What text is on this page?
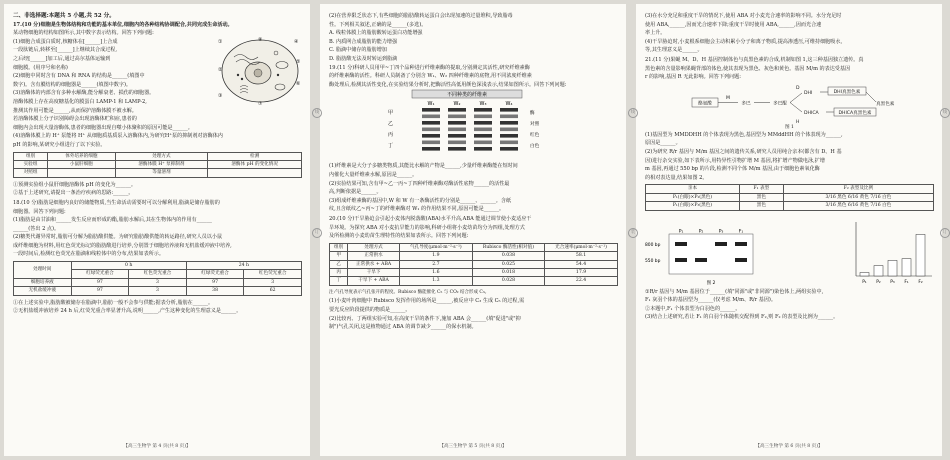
二、非选择题:本题共 5 小题,共 52 分。

17.(10 分)细胞是生物体结构和功能的基本单位,细胞内的各种结构协调配合,共同完成生命活动。

某动物细胞的结构如图所示,其中数字表示结构。回答下列问题:

(1)细胞合成蛋白质时,核糖体在[______]上合成

一段肽链后,转移至[______]上继续其合成过程,

之后经[______]加工后,通过高尔基体运输到

细胞膜。(用序号和名称)

(2)细胞中同时含有 DNA 和 RNA 的结构是______(填图中

数字)。含有膜结构的细胞器是______(填图中数字)。

(3)溶酶体的内部含有多种水解酶,能分解衰老、损伤的细胞器。

溶酶体膜上存在高度糖基化的膜蛋白 LAMP-1 和 LAMP-2,

推测其作用可能是______,从而保护溶酶体膜不被水解。

若溶酶体膜上分子识别障碍会出现溶酶体贮积症,患者的

细胞内会出现大量溶酶体,患者的细胞器出现自噬小体聚积的原因可能是______。

(4)溶酶体膜上的 H⁺ 泵能将 H⁺ 从细胞质基质泵入溶酶体内,为研究H⁺泵的抑制剂对溶酶体内

pH 的影响,某研究小组进行了以下实验。

①
②
③
④
⑤
⑥
⑦
⑧
组别	体外培养的细胞	处理方式	检测
实验组	小鼠肝细胞	溶酶体膜 H⁺ 泵抑制剂	溶酶体 pH 的变化情况
对照组		等量溶剂	

①预测实验组小鼠肝细胞溶酶体 pH 的变化为______。

②基于上述研究,请提出一条治疗疾病的思路:______。

18.(10 分)脂肪是细胞内良好的储能物质,当生命活动需要时可以分解利用,脂滴是储存脂肪的

细胞器。回答下列问题:

(1)脂肪是由甘油和______发生反应而形成的酯,脂肪水解后,其在生物体内的作用有______

______(答出 2 点)。

(2)糖类代谢异常时,脂肪可分解为脂肪酸供能。为研究脂肪酸供能的转运路径,研究人员以小鼠

成纤维细胞为材料,用红色荧光标记的脂肪酸进行培养,分别置于细胞培养液和无机盐缓冲液中培养,

一段时间后,检测红色荧光在脂滴和线粒体中的分布,结果如表所示。

处理时间	0 h		24 h	
	红绿荧光重合	红色荧光重合	红绿荧光重合	红色荧光重合
细胞培养液	97	3	97	3
无机盐缓冲液	97	3	38	62

①在上述实验中,脂肪酸被储存在脂滴中,脂肪一般不会参与供能;据表分析,脂肪在______。

②无机盐缓冲液培养 24 h 后,红荧光重合率显著升高,说明______,产生这种变化的生理意义是______。

【高三生物学 第 4 页(共 8 页)】

(2)在营养限乏状态下,有些细胞的脂肪酸转运蛋白会出现加速的过量堆积,导致脂毒

性。下列相关叙述,正确的是______(多选)。

A. 线粒体膜上的脂肪酸转运蛋白功能增强

B. 内质网合成脂肪的能力增强

C. 脂滴中储存的脂肪增加

D. 脂肪酸无法及时转运到脂滴

19.(11 分)科研人员用甲~丁四个品种进行纤维素酶的提取,分别测定其活性,研究纤维素酶

的纤维素酶的活性。科研人员制备了分别含 W₁、W₂ 四种纤维素的底物,用不同浓度纤维素

酶处理后,检测其活性变化,在实验结果分析时,把酶活性高低用颜色深浅表示,结果如图所示。回答下列问题:

不同种类的纤维素
W₁	W₂	W₃	W₄
甲
乙
丙
丁
酶
对照
红色
白色

(1)纤维素是大分子多糖类物质,其能比水解的产物是______,少量纤维素酶能在短时间

内催化大量纤维素水解,原因是______。

(2)实验结果可知,含有甲~乙一丙~丁四种纤维素酶对酶活性底物______的活性最

高,判断依据是______。

(3)组成纤维素酶的基因中,W 和 W 有一条酶活性的分别是______、______。含纸

纹,且含纸纹乙~丙~丁的纤维素酶对 W₁ 的作用结果不同,原因可能是______。

20.(10 分)干旱胁迫会引起小麦体内脱落酸(ABA)水平升高,ABA 能通过调节使小麦适应干

旱环境。为探究 ABA 对小麦抗旱能力的影响,科研小组将小麦幼苗均分为四组,处理方式

及所检测的小麦幼苗生理特性的结果如表所示。回答下列问题:

组别	处理方式	气孔导度(μmol·m⁻²·s⁻¹)	Rubisco 酶活性(相对值)	光合速率(μmol·m⁻²·s⁻¹)
甲	正常供水	1.9	0.038	58.1
乙	正常供水 + ABA	2.7	0.025	54.4
丙	干旱下	1.6	0.018	17.9
丁	干旱下 + ABA	1.3	0.028	22.4

注:气孔导度表示气孔张开的程度。Rubisco 酶能催化 C₅ 与 CO₂ 结合形成 C₃。

(1)小麦叶肉细胞中 Rubisco 发挥作用的场所是______,被反应中 C₃ 生成 C₅ 的过程,需

要光反应阶段提供的物质是______。

(2)比较丙、丁两组实验可知,在高度干旱的条件下,施加 ABA 会______(填"促进"或"抑

制")气孔关闭,这是植物通过 ABA 的调节减少______的保水机制。

【高三生物学 第 5 页(共 8 页)】

(3)在水分充足和重度干旱的情况下,使用 ABA 对小麦光合速率的影响不同。水分充足时

使用 ABA,______,因而光合速率下降;重度干旱时使用 ABA,______,因而光合速

率上升。

(4)干旱胁迫时,小麦根系细胞会主动积累小分子和离子物质,提高渗透压,可维持细胞吸水,

等,其生理意义是______。

21.(11 分)果蝇 M、D、H 基因控制体色与真黑色素的合成,机制如图 1,这三种基因独立遗传。真

黑色素的含量影响果蝇背部的体色,使其表现为黑色、灰色和黄色。基因 M/m 的表达受基因

r 的影响,基因 R 无此影响。回答下列问题:

酪氨酸
M
多巴	多巴醌
DHI
DHICA
D
H
DHI真黑色素
DHICA真黑色素
真黑色素

图 1

(1)基因型为 MMDDHH 的个体表现为黑色,基因型为 MMddHH 的个体表现为______,

原因是______。

(2)为研究 R/r 基因与 M/m 基因之间的遗传关系,研究人员用纯合亲本(都含有 D、H 基

因)进行杂交实验,如下表所示,用特异性引物扩增 M 基因,将扩增产物做电泳,扩增

m 基因,再通过 550 bp 的片段,检测不同个体 M/m 基因,由于细胞色素氧化酶

的相对表达量,结果如图 2。

亲本	F₁ 表型	F₂ 表型及比例
P₁(白眼)×P₂(黑色)	黑色	3/16 黑色 6/16 黄色 7/16 白色
P₁(白眼)×P₃(黑色)	黑色	3/16 黑色 6/16 黄色 7/16 白色
P₁	P₂	P₃	F₁
800 bp
550 bp
图 2	P₁ P₂ P₃ F₁ F₂

①R/r 基因与 M/m 基因位于______(填"同源"或"非同源")染色体上,两组实验中,

F₁ 灰羽个体的基因型为______(仅考虑 M/m、R/r 基因)。

②本题中,F₁ 个体表型为白羽色的______。

(3)结合上述研究,若让 F₁ 的白羽个体随机交配得到 F₂,则 F₂ 的表型及比例为______。

【高三生物学 第 6 页(共 8 页)】
线
订
线
装
线
订
